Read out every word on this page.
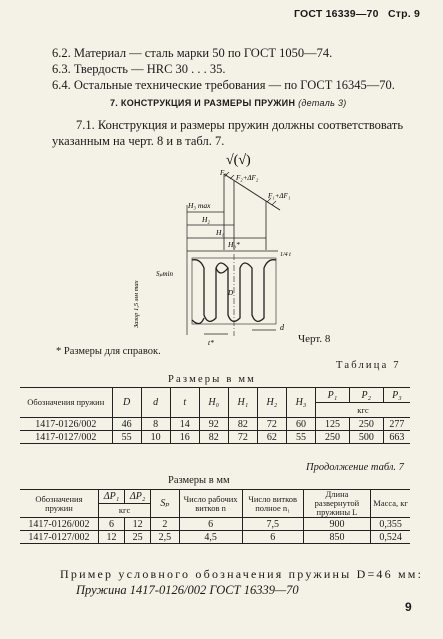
ГОСТ 16339—70 Стр. 9
6.2. Материал — сталь марки 50 по ГОСТ 1050—74.
6.3. Твердость — HRC 30 . . . 35.
6.4. Остальные технические требования — по ГОСТ 16345—70.
7. КОНСТРУКЦИЯ И РАЗМЕРЫ ПРУЖИН (деталь 3)
7.1. Конструкция и размеры пружин должны соответствовать
указанным на черт. 8 и в табл. 7.
√(√)
F₃
F₂+ΔF₂
F₁+ΔF₁
H₃ max
H₂
H₁
H₀*
D
1/4 t
Зазор 1,5 мм max
Sₚmin
t*
d
Черт. 8
* Размеры для справок.
Таблица 7
Размеры в мм
Обозначения пружин	D	d	t	H₀	H₁	H₂	H₃	P₁	P₂	P₃
								кгс		
1417-0126/002	46	8	14	92	82	72	60	125	250	277
1417-0127/002	55	10	16	82	72	62	55	250	500	663
Продолжение табл. 7
Размеры в мм
Обозначения пружин	ΔP₁	ΔP₂	Sₚ	Число рабочих витков n	Число витков полное n₁	Длина развернутой пружины L	Масса, кг
	кгс						
1417-0126/002	6	12	2	6	7,5	900	0,355
1417-0127/002	12	25	2,5	4,5	6	850	0,524
Пример условного обозначения пружины D=46 мм:
Пружина 1417-0126/002 ГОСТ 16339—70
9
